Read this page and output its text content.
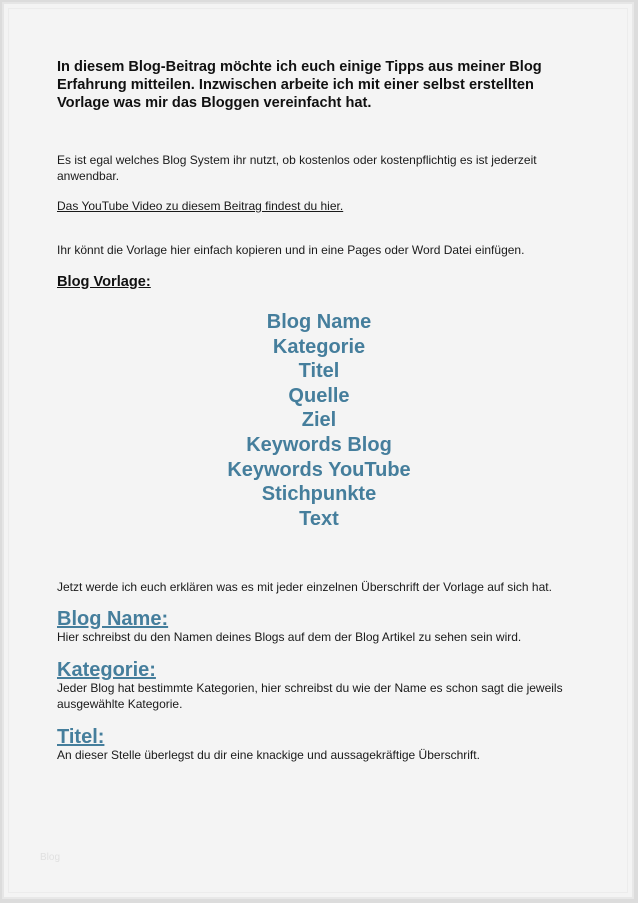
In diesem Blog-Beitrag möchte ich euch einige Tipps aus meiner Blog Erfahrung mitteilen. Inzwischen arbeite ich mit einer selbst erstellten Vorlage was mir das Bloggen vereinfacht hat.

Es ist egal welches Blog System ihr nutzt, ob kostenlos oder kostenpflichtig es ist jederzeit anwendbar.

Das YouTube Video zu diesem Beitrag findest du hier.

Ihr könnt die Vorlage hier einfach kopieren und in eine Pages oder Word Datei einfügen.

Blog Vorlage:

Blog Name
Kategorie
Titel
Quelle
Ziel
Keywords Blog
Keywords YouTube
Stichpunkte
Text

Jetzt werde ich euch erklären was es mit jeder einzelnen Überschrift der Vorlage auf sich hat.

Blog Name:

Hier schreibst du den Namen deines Blogs auf dem der Blog Artikel zu sehen sein wird.

Kategorie:

Jeder Blog hat bestimmte Kategorien, hier schreibst du wie der Name es schon sagt die jeweils ausgewählte Kategorie.

Titel:

An dieser Stelle überlegst du dir eine knackige und aussagekräftige Überschrift.

Blog
